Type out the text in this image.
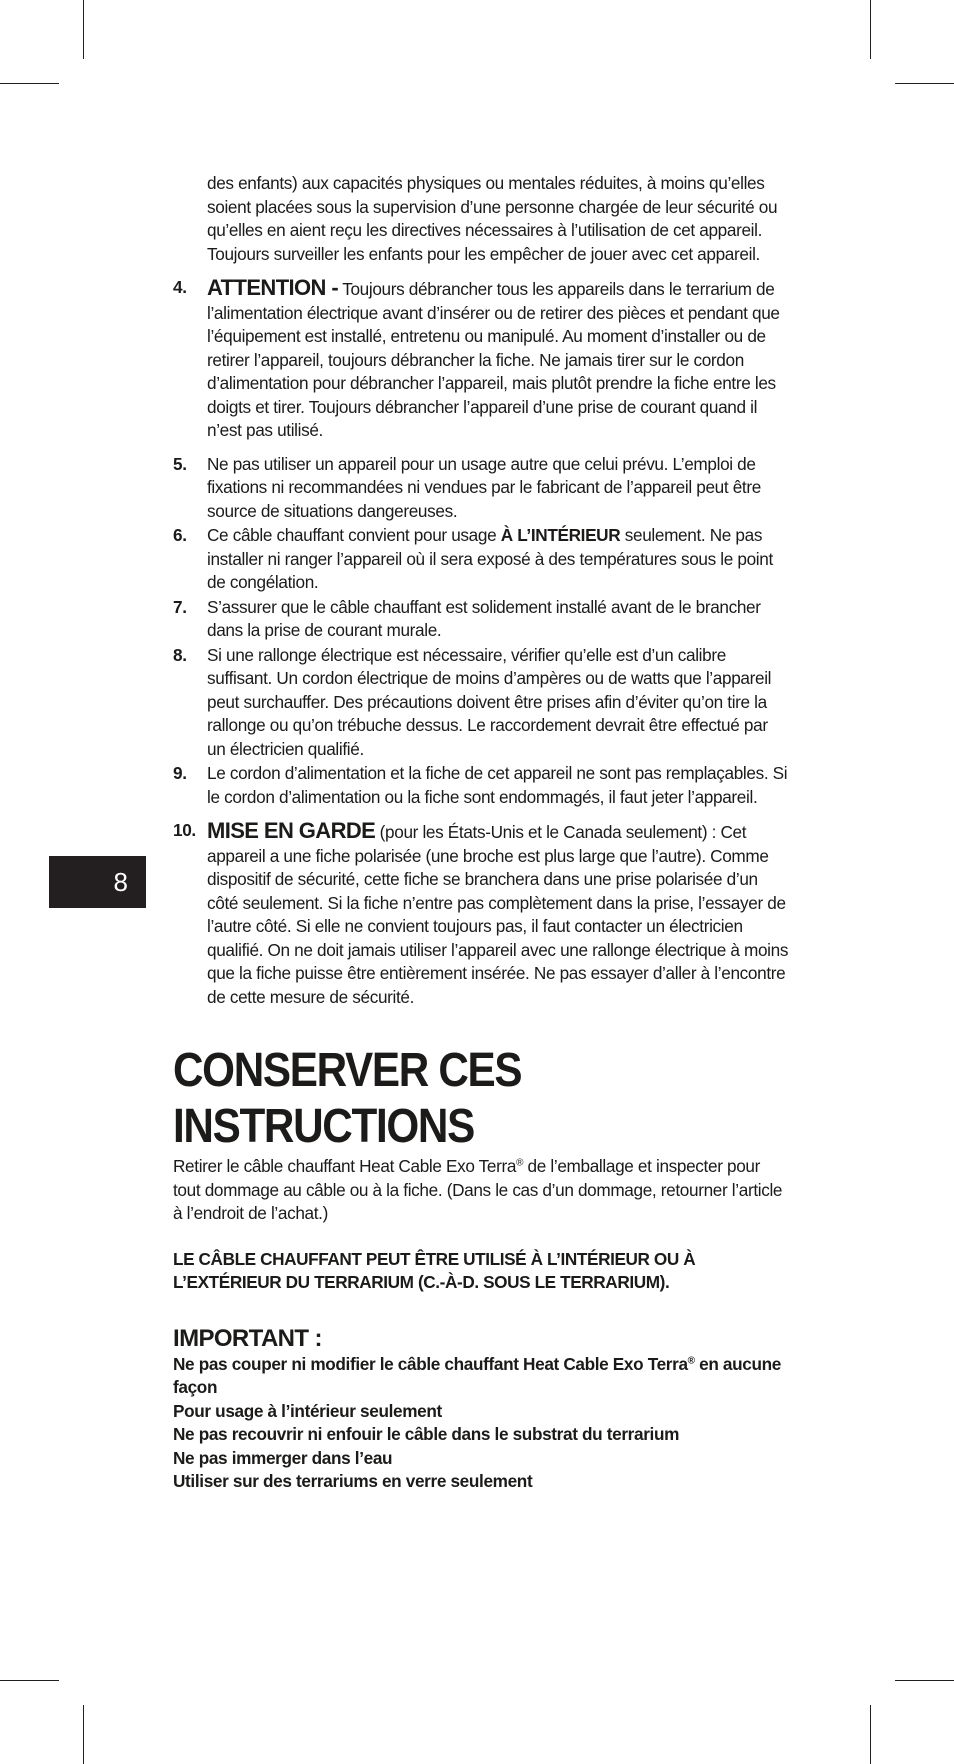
8

des enfants) aux capacités physiques ou mentales réduites, à moins qu’elles soient placées sous la supervision d’une personne chargée de leur sécurité ou qu’elles en aient reçu les directives nécessaires à l’utilisation de cet appareil. Toujours surveiller les enfants pour les empêcher de jouer avec cet appareil.

4. ATTENTION - Toujours débrancher tous les appareils dans le terrarium de l’alimentation électrique avant d’insérer ou de retirer des pièces et pendant que l’équipement est installé, entretenu ou manipulé. Au moment d’installer ou de retirer l’appareil, toujours débrancher la fiche. Ne jamais tirer sur le cordon d’alimentation pour débrancher l’appareil, mais plutôt prendre la fiche entre les doigts et tirer. Toujours débrancher l’appareil d’une prise de courant quand il n’est pas utilisé.
5. Ne pas utiliser un appareil pour un usage autre que celui prévu. L’emploi de fixations ni recommandées ni vendues par le fabricant de l’appareil peut être source de situations dangereuses.
6. Ce câble chauffant convient pour usage À L’INTÉRIEUR seulement. Ne pas installer ni ranger l’appareil où il sera exposé à des températures sous le point de congélation.
7. S’assurer que le câble chauffant est solidement installé avant de le brancher dans la prise de courant murale.
8. Si une rallonge électrique est nécessaire, vérifier qu’elle est d’un calibre suffisant. Un cordon électrique de moins d’ampères ou de watts que l’appareil peut surchauffer. Des précautions doivent être prises afin d’éviter qu’on tire la rallonge ou qu’on trébuche dessus. Le raccordement devrait être effectué par un électricien qualifié.
9. Le cordon d’alimentation et la fiche de cet appareil ne sont pas remplaçables. Si le cordon d’alimentation ou la fiche sont endommagés, il faut jeter l’appareil.
10. MISE EN GARDE (pour les États-Unis et le Canada seulement) : Cet appareil a une fiche polarisée (une broche est plus large que l’autre). Comme dispositif de sécurité, cette fiche se branchera dans une prise polarisée d’un côté seulement. Si la fiche n’entre pas complètement dans la prise, l’essayer de l’autre côté. Si elle ne convient toujours pas, il faut contacter un électricien qualifié. On ne doit jamais utiliser l’appareil avec une rallonge électrique à moins que la fiche puisse être entièrement insérée. Ne pas essayer d’aller à l’encontre de cette mesure de sécurité.
CONSERVER CES INSTRUCTIONS

Retirer le câble chauffant Heat Cable Exo Terra® de l’emballage et inspecter pour tout dommage au câble ou à la fiche. (Dans le cas d’un dommage, retourner l’article à l’endroit de l’achat.)

LE CÂBLE CHAUFFANT PEUT ÊTRE UTILISÉ À L’INTÉRIEUR OU À L’EXTÉRIEUR DU TERRARIUM (C.-À-D. SOUS LE TERRARIUM).

IMPORTANT :
Ne pas couper ni modifier le câble chauffant Heat Cable Exo Terra® en aucune façon
Pour usage à l’intérieur seulement
Ne pas recouvrir ni enfouir le câble dans le substrat du terrarium
Ne pas immerger dans l’eau
Utiliser sur des terrariums en verre seulement
